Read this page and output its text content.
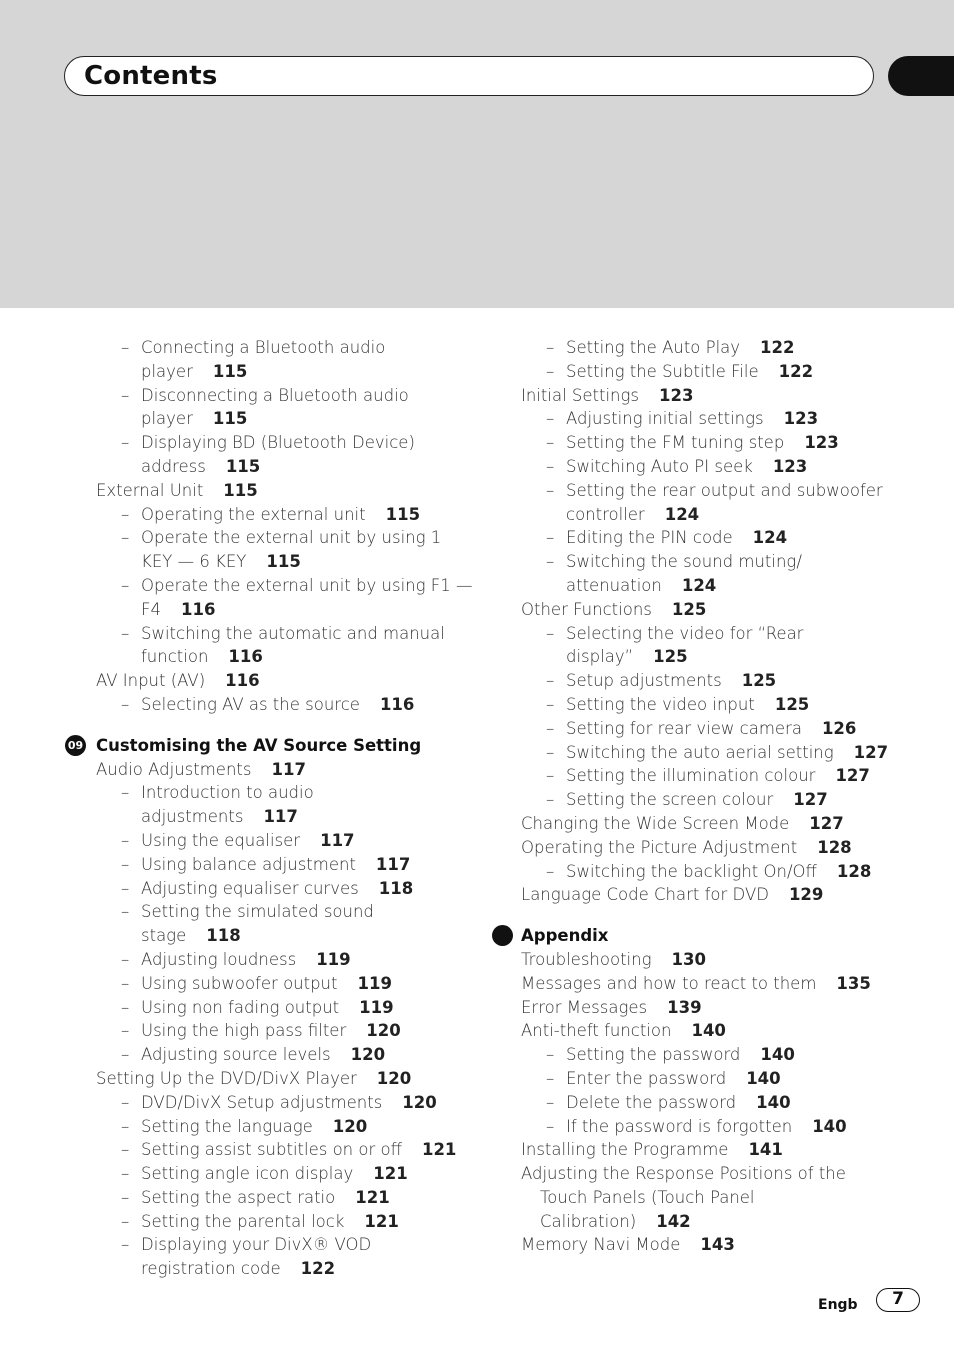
Contents
– Connecting a Bluetooth audio
player 115
– Disconnecting a Bluetooth audio
player 115
– Displaying BD (Bluetooth Device)
address 115
External Unit 115
– Operating the external unit 115
– Operate the external unit by using 1
KEY — 6 KEY 115
– Operate the external unit by using F1 —
F4 116
– Switching the automatic and manual
function 116
AV Input (AV) 116
– Selecting AV as the source 116
09 Customising the AV Source Setting
Audio Adjustments 117
– Introduction to audio
adjustments 117
– Using the equaliser 117
– Using balance adjustment 117
– Adjusting equaliser curves 118
– Setting the simulated sound
stage 118
– Adjusting loudness 119
– Using subwoofer output 119
– Using non fading output 119
– Using the high pass filter 120
– Adjusting source levels 120
Setting Up the DVD/DivX Player 120
– DVD/DivX Setup adjustments 120
– Setting the language 120
– Setting assist subtitles on or off 121
– Setting angle icon display 121
– Setting the aspect ratio 121
– Setting the parental lock 121
– Displaying your DivX® VOD
registration code 122
– Setting the Auto Play 122
– Setting the Subtitle File 122
Initial Settings 123
– Adjusting initial settings 123
– Setting the FM tuning step 123
– Switching Auto PI seek 123
– Setting the rear output and subwoofer
controller 124
– Editing the PIN code 124
– Switching the sound muting/
attenuation 124
Other Functions 125
– Selecting the video for “Rear
display” 125
– Setup adjustments 125
– Setting the video input 125
– Setting for rear view camera 126
– Switching the auto aerial setting 127
– Setting the illumination colour 127
– Setting the screen colour 127
Changing the Wide Screen Mode 127
Operating the Picture Adjustment 128
– Switching the backlight On/Off 128
Language Code Chart for DVD 129
Appendix
Troubleshooting 130
Messages and how to react to them 135
Error Messages 139
Anti-theft function 140
– Setting the password 140
– Enter the password 140
– Delete the password 140
– If the password is forgotten 140
Installing the Programme 141
Adjusting the Response Positions of the
Touch Panels (Touch Panel
Calibration) 142
Memory Navi Mode 143
Engb	7
